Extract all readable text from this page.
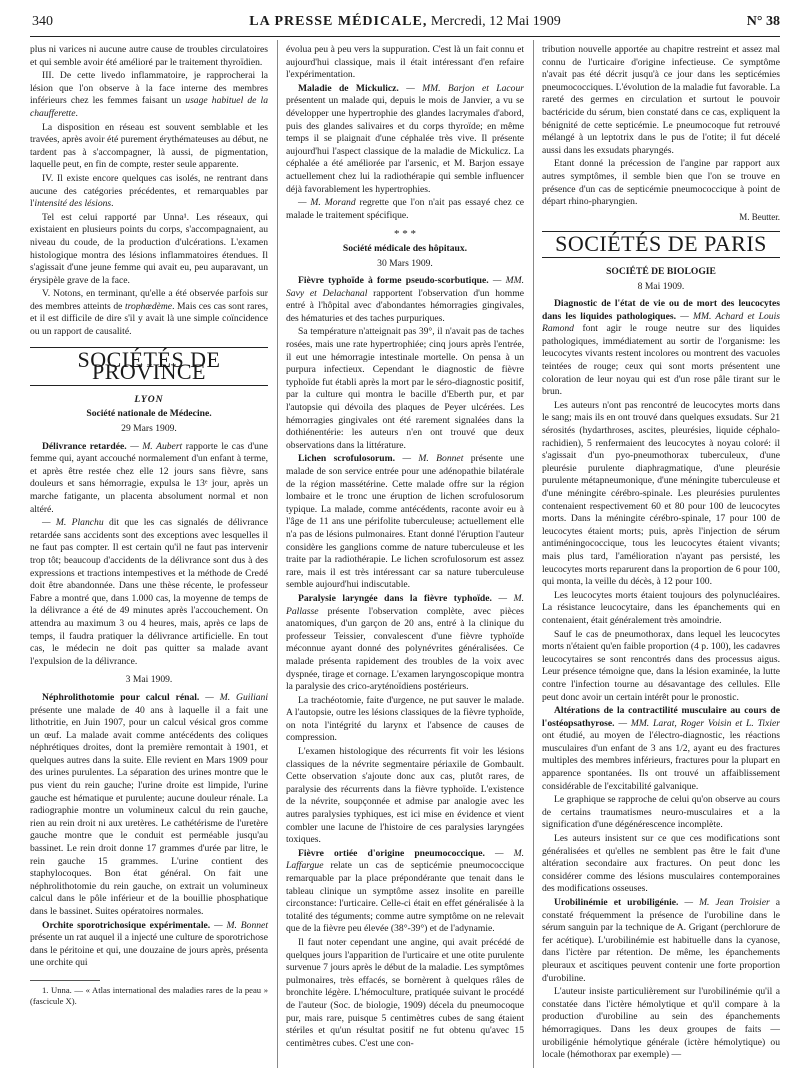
340	LA PRESSE MÉDICALE, Mercredi, 12 Mai 1909	N° 38

plus ni varices ni aucune autre cause de troubles circulatoires et qui semble avoir été amélioré par le traitement thyroïdien.

III. De cette livedo inflammatoire, je rapprocherai la lésion que l'on observe à la face interne des membres inférieurs chez les femmes faisant un usage habituel de la chaufferette.

La disposition en réseau est souvent semblable et les travées, après avoir été purement érythémateuses au début, ne tardent pas à s'accompagner, là aussi, de pigmentation, laquelle peut, en fin de compte, rester seule apparente.

IV. Il existe encore quelques cas isolés, ne rentrant dans aucune des catégories précédentes, et remarquables par l'intensité des lésions.

Tel est celui rapporté par Unna¹. Les réseaux, qui existaient en plusieurs points du corps, s'accompagnaient, au niveau du coude, de la production d'ulcérations. L'examen histologique montra des lésions inflammatoires étendues. Il s'agissait d'une jeune femme qui avait eu, peu auparavant, un érysipèle grave de la face.

V. Notons, en terminant, qu'elle a été observée parfois sur des membres atteints de trophœdème. Mais ces cas sont rares, et il est difficile de dire s'il y avait là une simple coïncidence ou un rapport de causalité.

SOCIÉTÉS DE PROVINCE
LYON
Société nationale de Médecine.
29 Mars 1909.

Délivrance retardée. — M. Aubert rapporte le cas d'une femme qui, ayant accouché normalement d'un enfant à terme, et après être restée chez elle 12 jours sans fièvre, sans douleurs et sans hémorragie, expulsa le 13ᵉ jour, après un marche fatigante, un placenta absolument normal et non altéré.

— M. Planchu dit que les cas signalés de délivrance retardée sans accidents sont des exceptions avec lesquelles il ne faut pas compter. Il est certain qu'il ne faut pas intervenir trop tôt; beaucoup d'accidents de la délivrance sont dus à des expressions et tractions intempestives et la méthode de Credé doit être abandonnée. Dans une thèse récente, le professeur Fabre a montré que, dans 1.000 cas, la moyenne de temps de la délivrance a été de 49 minutes après l'accouchement. On attendra au maximum 3 ou 4 heures, mais, après ce laps de temps, il faudra pratiquer la délivrance artificielle. En tout cas, le médecin ne doit pas quitter sa malade avant l'expulsion de la délivrance.

3 Mai 1909.

Néphrolithotomie pour calcul rénal. — M. Guiliani présente une malade de 40 ans à laquelle il a fait une lithotritie, en Juin 1907, pour un calcul vésical gros comme un œuf. La malade avait comme antécédents des coliques néphrétiques droites, dont la première remontait à 1901, et quelques autres dans la suite. Elle revient en Mars 1909 pour des urines purulentes. La séparation des urines montre que le pus vient du rein gauche; l'urine droite est limpide, l'urine gauche est hématique et purulente; aucune douleur rénale. La radiographie montre un volumineux calcul du rein gauche, rien au rein droit ni aux uretères. Le cathétérisme de l'uretère gauche montre que le conduit est perméable jusqu'au bassinet. Le rein droit donne 17 grammes d'urée par litre, le rein gauche 15 grammes. L'urine contient des staphylocoques. Bon état général. On fait une néphrolithotomie du rein gauche, on extrait un volumineux calcul dans le pôle inférieur et de la bouillie phosphatique dans le bassinet. Suites opératoires normales.

Orchite sporotrichosique expérimentale. — M. Bonnet présente un rat auquel il a injecté une culture de sporotrichose dans le péritoine et qui, une douzaine de jours après, présenta une orchite qui

1. Unna. — « Atlas international des maladies rares de la peau » (fascicule X).

évolua peu à peu vers la suppuration. C'est là un fait connu et aujourd'hui classique, mais il était intéressant d'en refaire l'expérimentation.

Maladie de Mickulicz. — MM. Barjon et Lacour présentent un malade qui, depuis le mois de Janvier, a vu se développer une hypertrophie des glandes lacrymales d'abord, puis des glandes salivaires et du corps thyroïde; en même temps il se plaignait d'une céphalée très vive. Il présente aujourd'hui l'aspect classique de la maladie de Mickulicz. La céphalée a été améliorée par l'arsenic, et M. Barjon essaye actuellement chez lui la radiothérapie qui semble influencer déjà favorablement les hypertrophies.

— M. Morand regrette que l'on n'ait pas essayé chez ce malade le traitement spécifique.

* * *
Société médicale des hôpitaux.
30 Mars 1909.

Fièvre typhoïde à forme pseudo-scorbutique. — MM. Savy et Delachanal rapportent l'observation d'un homme entré à l'hôpital avec d'abondantes hémorragies gingivales, des hématuries et des taches purpuriques.

Sa température n'atteignait pas 39°, il n'avait pas de taches rosées, mais une rate hypertrophiée; cinq jours après l'entrée, il eut une hémorragie intestinale mortelle. On pensa à un purpura infectieux. Cependant le diagnostic de fièvre typhoïde fut établi après la mort par le séro-diagnostic positif, par la culture qui montra le bacille d'Eberth pur, et par l'autopsie qui dévoila des plaques de Peyer ulcérées. Les hémorragies gingivales ont été rarement signalées dans la dothiénentérie: les auteurs n'en ont trouvé que deux observations dans la littérature.

Lichen scrofulosorum. — M. Bonnet présente une malade de son service entrée pour une adénopathie bilatérale de la région massétérine. Cette malade offre sur la région lombaire et le tronc une éruption de lichen scrofulosorum typique. La malade, comme antécédents, raconte avoir eu à l'âge de 11 ans une périfolite tuberculeuse; actuellement elle n'a pas de lésions pulmonaires. Etant donné l'éruption l'auteur considère les ganglions comme de nature tuberculeuse et les traite par la radiothérapie. Le lichen scrofulosorum est assez rare, mais il est très intéressant car sa nature tuberculeuse semble aujourd'hui indiscutable.

Paralysie laryngée dans la fièvre typhoïde. — M. Pallasse présente l'observation complète, avec pièces anatomiques, d'un garçon de 20 ans, entré à la clinique du professeur Teissier, convalescent d'une fièvre typhoïde méconnue ayant donné des polynévrites généralisées. Ce malade présenta rapidement des troubles de la voix avec dyspnée, tirage et cornage. L'examen laryngoscopique montra la paralysie des crico-aryténoïdiens postérieurs.

La trachéotomie, faite d'urgence, ne put sauver le malade. A l'autopsie, outre les lésions classiques de la fièvre typhoïde, on nota l'intégrité du larynx et l'absence de causes de compression.

L'examen histologique des récurrents fit voir les lésions classiques de la névrite segmentaire périaxile de Gombault. Cette observation s'ajoute donc aux cas, plutôt rares, de paralysie des récurrents dans la fièvre typhoïde. L'existence de la névrite, soupçonnée et admise par analogie avec les autres paralysies typhiques, est ici mise en évidence et vient combler une lacune de l'histoire de ces paralysies laryngées toxiques.

Fièvre ortiée d'origine pneumococcique. — M. Laffargue relate un cas de septicémie pneumococcique remarquable par la place prépondérante que tenait dans le tableau clinique un symptôme assez insolite en pareille circonstance: l'urticaire. Celle-ci était en effet généralisée à la totalité des téguments; comme autre symptôme on ne relevait que de la fièvre peu élevée (38°-39°) et de l'adynamie.

Il faut noter cependant une angine, qui avait précédé de quelques jours l'apparition de l'urticaire et une otite purulente survenue 7 jours après le début de la maladie. Les symptômes pulmonaires, très effacés, se bornèrent à quelques râles de bronchite légère. L'hémoculture, pratiquée suivant le procédé de l'auteur (Soc. de biologie, 1909) décela du pneumocoque pur, mais rare, puisque 5 centimètres cubes de sang étaient stériles et qu'un résultat positif ne fut obtenu qu'avec 15 centimètres cubes. C'est une con-

tribution nouvelle apportée au chapitre restreint et assez mal connu de l'urticaire d'origine infectieuse. Ce symptôme n'avait pas été décrit jusqu'à ce jour dans les septicémies pneumococciques. L'évolution de la maladie fut favorable. La rareté des germes en circulation et surtout le pouvoir bactéricide du sérum, bien constaté dans ce cas, expliquent la bénignité de cette septicémie. Le pneumocoque fut retrouvé mélangé à un leptotrix dans le pus de l'otite; il fut décelé aussi dans les exsudats pharyngés.

Etant donné la précession de l'angine par rapport aux autres symptômes, il semble bien que l'on se trouve en présence d'un cas de septicémie pneumococcique à point de départ rhino-pharyngien.

M. Beutter.
SOCIÉTÉS DE PARIS
SOCIÉTÉ DE BIOLOGIE
8 Mai 1909.

Diagnostic de l'état de vie ou de mort des leucocytes dans les liquides pathologiques. — MM. Achard et Louis Ramond font agir le rouge neutre sur des liquides pathologiques, immédiatement au sortir de l'organisme: les leucocytes vivants restent incolores ou montrent des vacuoles teintées de rouge; ceux qui sont morts présentent une coloration de leur noyau qui est d'un rose pâle tirant sur le brun.

Les auteurs n'ont pas rencontré de leucocytes morts dans le sang; mais ils en ont trouvé dans quelques exsudats. Sur 21 sérosités (hydarthroses, ascites, pleurésies, liquide céphalo-rachidien), 5 renfermaient des leucocytes à noyau coloré: il s'agissait d'un pyo-pneumothorax tuberculeux, d'une pleurésie purulente diaphragmatique, d'une pleurésie purulente métapneumonique, d'une méningite tuberculeuse et d'une méningite cérébro-spinale. Les pleurésies purulentes contenaient respectivement 60 et 80 pour 100 de leucocytes morts. Dans la méningite cérébro-spinale, 17 pour 100 de leucocytes étaient morts; puis, après l'injection de sérum antiméningococcique, tous les leucocytes étaient vivants; mais plus tard, l'amélioration n'ayant pas persisté, les leucocytes morts reparurent dans la proportion de 6 pour 100, qui monta, la veille du décès, à 12 pour 100.

Les leucocytes morts étaient toujours des polynucléaires. La résistance leucocytaire, dans les épanchements qui en contenaient, était généralement très amoindrie.

Sauf le cas de pneumothorax, dans lequel les leucocytes morts n'étaient qu'en faible proportion (4 p. 100), les cadavres leucocytaires se sont rencontrés dans des processus aigus. Leur présence témoigne que, dans la lésion examinée, la lutte contre l'infection tourne au désavantage des cellules. Elle peut donc avoir un certain intérêt pour le pronostic.

Altérations de la contractilité musculaire au cours de l'ostéopsathyrose. — MM. Larat, Roger Voisin et L. Tixier ont étudié, au moyen de l'électro-diagnostic, les réactions musculaires d'un enfant de 3 ans 1/2, ayant eu des fractures multiples des membres inférieurs, fractures pour la plupart en apparence spontanées. Ils ont trouvé un affaiblissement considérable de l'excitabilité galvanique.

Le graphique se rapproche de celui qu'on observe au cours de certains traumatismes neuro-musculaires et a la signification d'une dégénérescence incomplète.

Les auteurs insistent sur ce que ces modifications sont généralisées et qu'elles ne semblent pas être le fait d'une altération secondaire aux fractures. On peut donc les considérer comme des lésions musculaires contemporaines des modifications osseuses.

Urobilinémie et urobiligénie. — M. Jean Troisier a constaté fréquemment la présence de l'urobiline dans le sérum sanguin par la technique de A. Grigant (perchlorure de fer acétique). L'urobilinémie est habituelle dans la cyanose, dans l'ictère par rétention. De même, les épanchements pleuraux et ascitiques peuvent contenir une forte proportion d'urobiline.

L'auteur insiste particulièrement sur l'urobilinémie qu'il a constatée dans l'ictère hémolytique et qu'il compare à la production d'urobiline au sein des épanchements hémorragiques. Dans les deux groupes de faits — urobiligénie hémolytique générale (ictère hémolytique) ou locale (hémothorax par exemple) —
